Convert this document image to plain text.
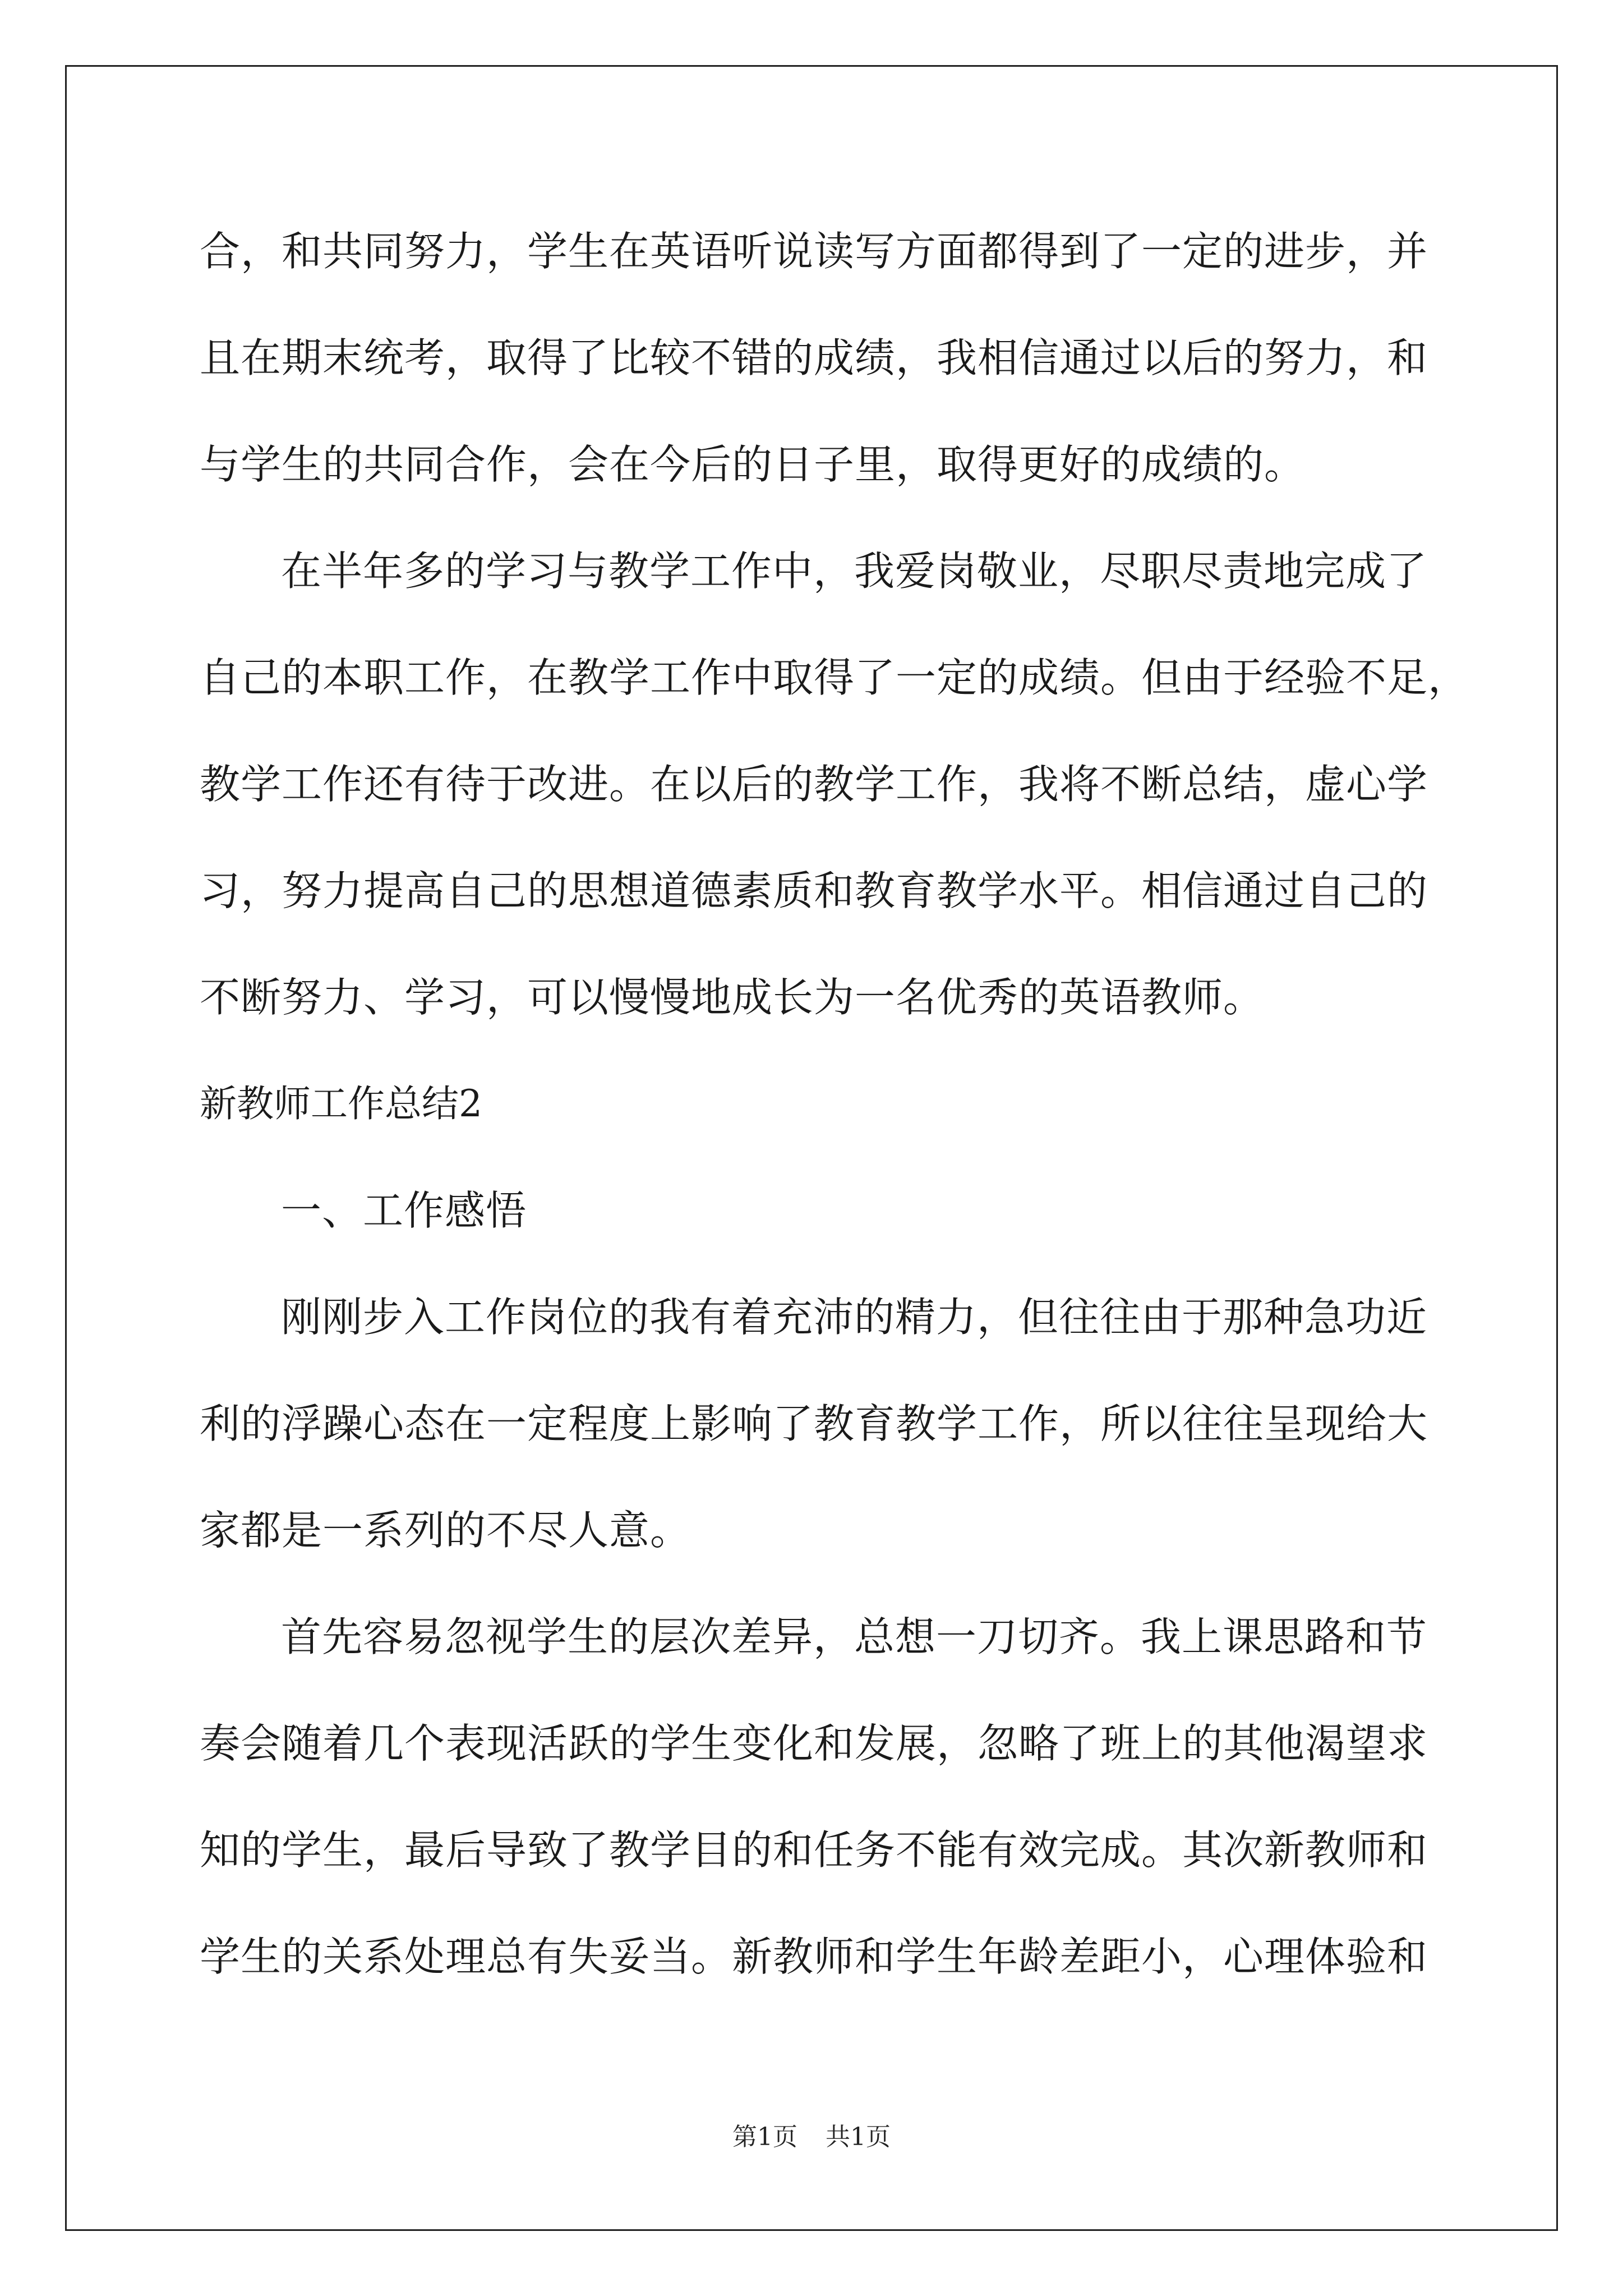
合，和共同努力，学生在英语听说读写方面都得到了一定的进步，并
且在期末统考，取得了比较不错的成绩，我相信通过以后的努力，和
与学生的共同合作，会在今后的日子里，取得更好的成绩的。
在半年多的学习与教学工作中，我爱岗敬业，尽职尽责地完成了
自己的本职工作，在教学工作中取得了一定的成绩。但由于经验不足，
教学工作还有待于改进。在以后的教学工作，我将不断总结，虚心学
习，努力提高自己的思想道德素质和教育教学水平。相信通过自己的
不断努力、学习，可以慢慢地成长为一名优秀的英语教师。
新教师工作总结2
一、工作感悟
刚刚步入工作岗位的我有着充沛的精力，但往往由于那种急功近
利的浮躁心态在一定程度上影响了教育教学工作，所以往往呈现给大
家都是一系列的不尽人意。
首先容易忽视学生的层次差异，总想一刀切齐。我上课思路和节
奏会随着几个表现活跃的学生变化和发展，忽略了班上的其他渴望求
知的学生，最后导致了教学目的和任务不能有效完成。其次新教师和
学生的关系处理总有失妥当。新教师和学生年龄差距小，心理体验和
第1页 共1页
